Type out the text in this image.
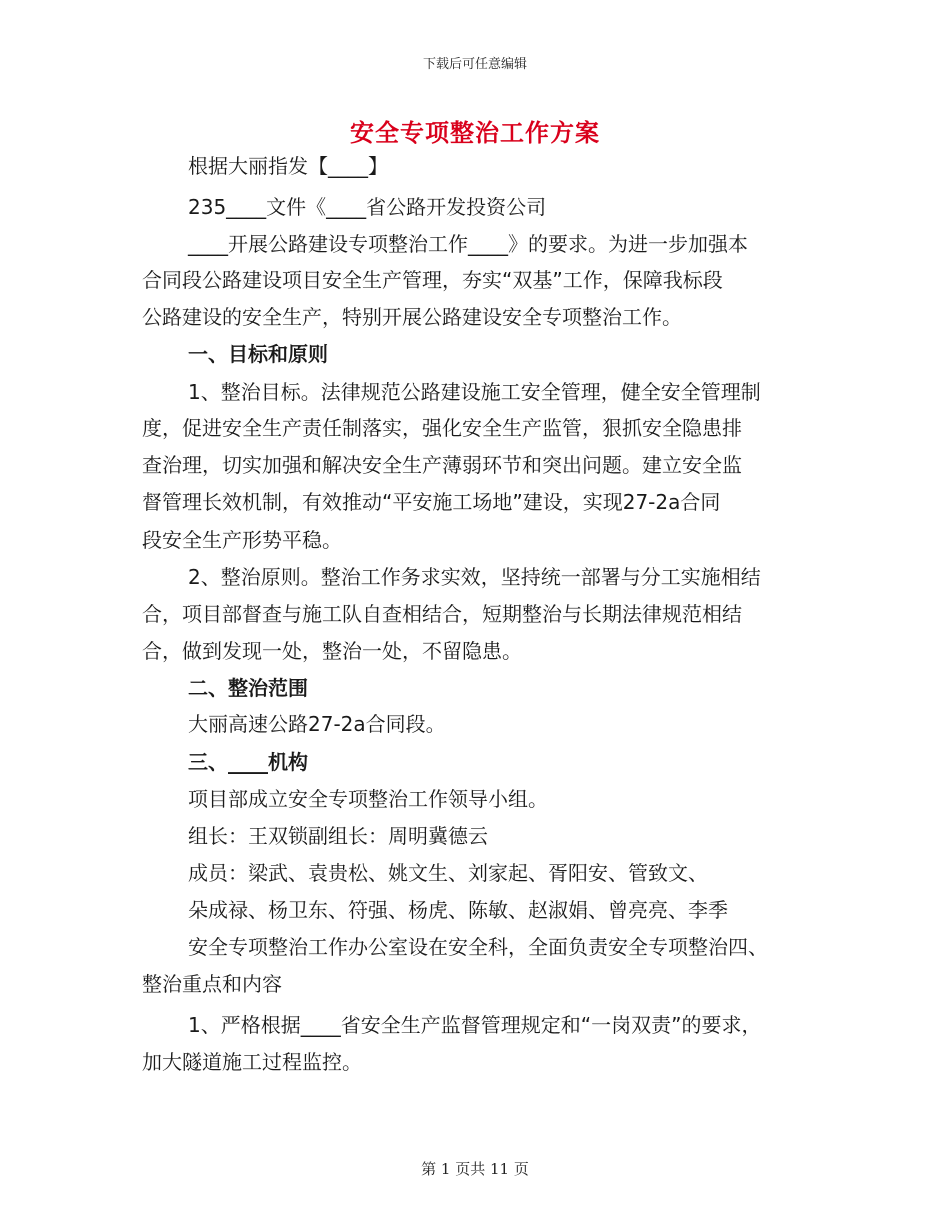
下载后可任意编辑
安全专项整治工作方案
根据大丽指发【____】
235____文件《____省公路开发投资公司
____开展公路建设专项整治工作____》的要求。为进一步加强本
合同段公路建设项目安全生产管理，夯实“双基”工作，保障我标段
公路建设的安全生产，特别开展公路建设安全专项整治工作。
一、目标和原则
1、整治目标。法律规范公路建设施工安全管理，健全安全管理制
度，促进安全生产责任制落实，强化安全生产监管，狠抓安全隐患排
查治理，切实加强和解决安全生产薄弱环节和突出问题。建立安全监
督管理长效机制，有效推动“平安施工场地”建设，实现27-2a合同
段安全生产形势平稳。
2、整治原则。整治工作务求实效，坚持统一部署与分工实施相结
合，项目部督查与施工队自查相结合，短期整治与长期法律规范相结
合，做到发现一处，整治一处，不留隐患。
二、整治范围
大丽高速公路27-2a合同段。
三、____机构
项目部成立安全专项整治工作领导小组。
组长：王双锁副组长：周明冀德云
成员：梁武、袁贵松、姚文生、刘家起、胥阳安、管致文、
朵成禄、杨卫东、符强、杨虎、陈敏、赵淑娟、曾亮亮、李季
安全专项整治工作办公室设在安全科，全面负责安全专项整治四、
整治重点和内容
1、严格根据____省安全生产监督管理规定和“一岗双责”的要求，
加大隧道施工过程监控。
第 1 页共 11 页
